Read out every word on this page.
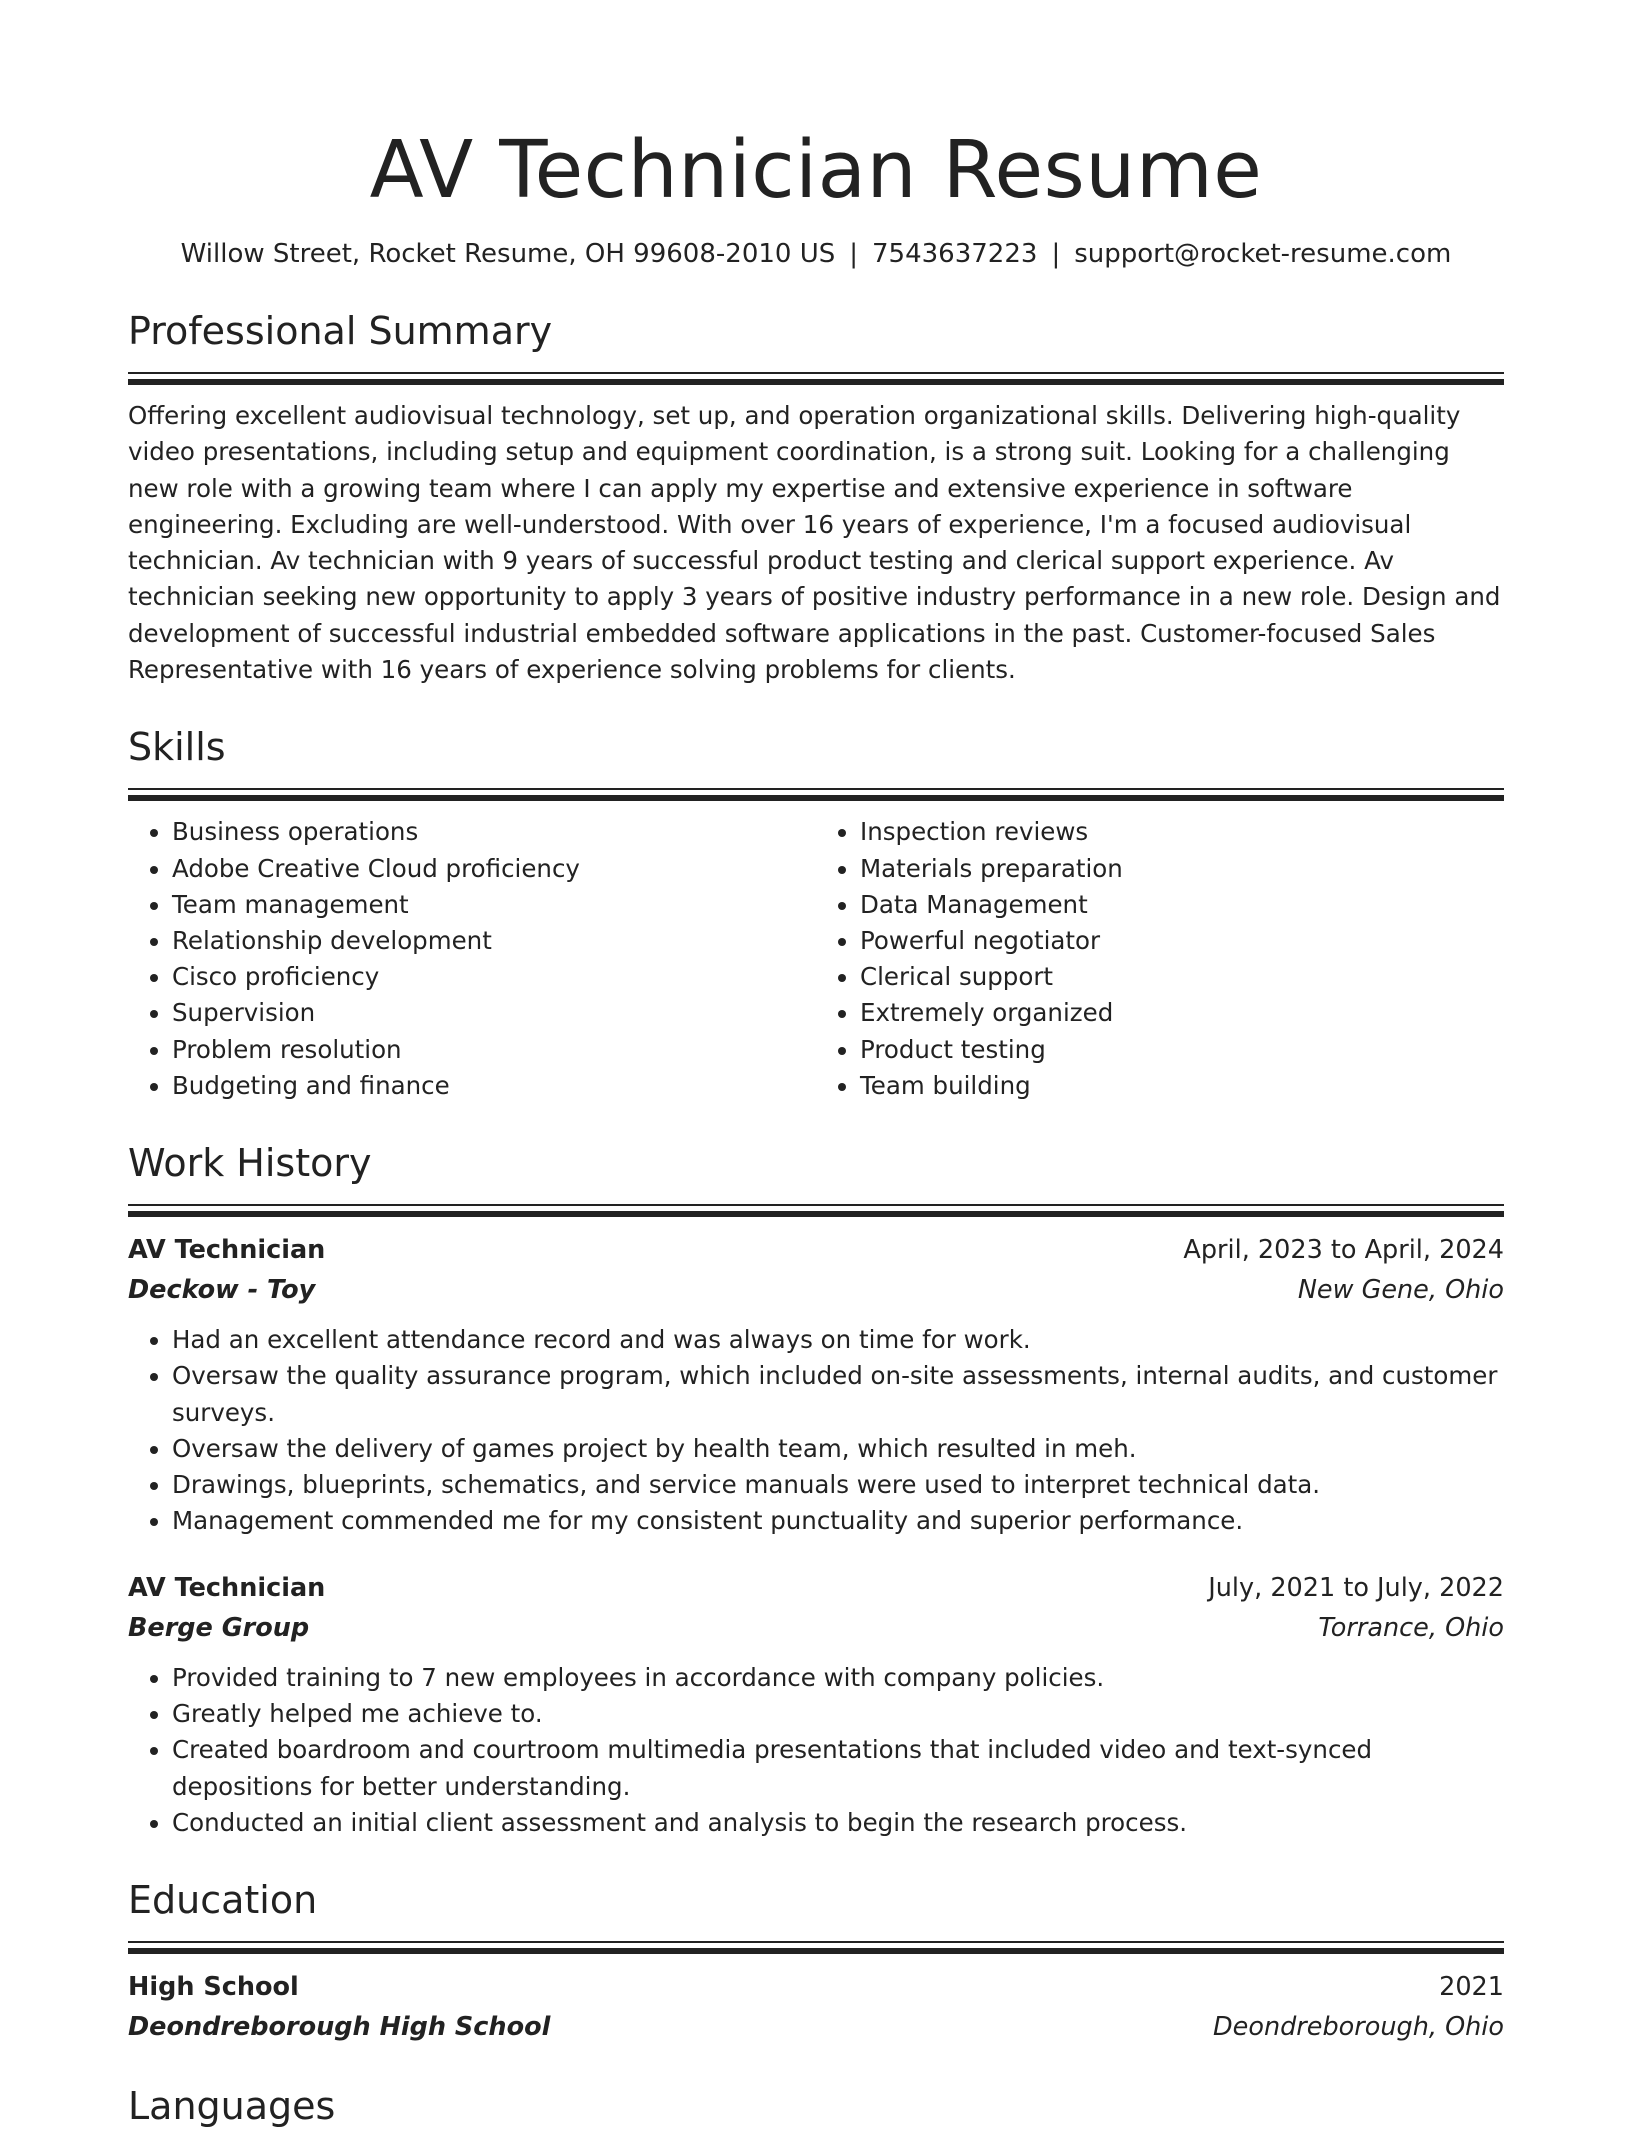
AV Technician Resume
Willow Street, Rocket Resume, OH 99608-2010 US | 7543637223 | support@rocket-resume.com
Professional Summary
Offering excellent audiovisual technology, set up, and operation organizational skills. Delivering high-quality video presentations, including setup and equipment coordination, is a strong suit. Looking for a challenging new role with a growing team where I can apply my expertise and extensive experience in software engineering. Excluding are well-understood. With over 16 years of experience, I'm a focused audiovisual technician. Av technician with 9 years of successful product testing and clerical support experience. Av technician seeking new opportunity to apply 3 years of positive industry performance in a new role. Design and development of successful industrial embedded software applications in the past. Customer-focused Sales Representative with 16 years of experience solving problems for clients.
Skills
• Business operations
• Adobe Creative Cloud proficiency
• Team management
• Relationship development
• Cisco proficiency
• Supervision
• Problem resolution
• Budgeting and finance
• Inspection reviews
• Materials preparation
• Data Management
• Powerful negotiator
• Clerical support
• Extremely organized
• Product testing
• Team building
Work History
AV Technician	April, 2023 to April, 2024
Deckow - Toy	New Gene, Ohio
• Had an excellent attendance record and was always on time for work.
• Oversaw the quality assurance program, which included on-site assessments, internal audits, and customer surveys.
• Oversaw the delivery of games project by health team, which resulted in meh.
• Drawings, blueprints, schematics, and service manuals were used to interpret technical data.
• Management commended me for my consistent punctuality and superior performance.
AV Technician	July, 2021 to July, 2022
Berge Group	Torrance, Ohio
• Provided training to 7 new employees in accordance with company policies.
• Greatly helped me achieve to.
• Created boardroom and courtroom multimedia presentations that included video and text-synced depositions for better understanding.
• Conducted an initial client assessment and analysis to begin the research process.
Education
High School	2021
Deondreborough High School	Deondreborough, Ohio
Languages
